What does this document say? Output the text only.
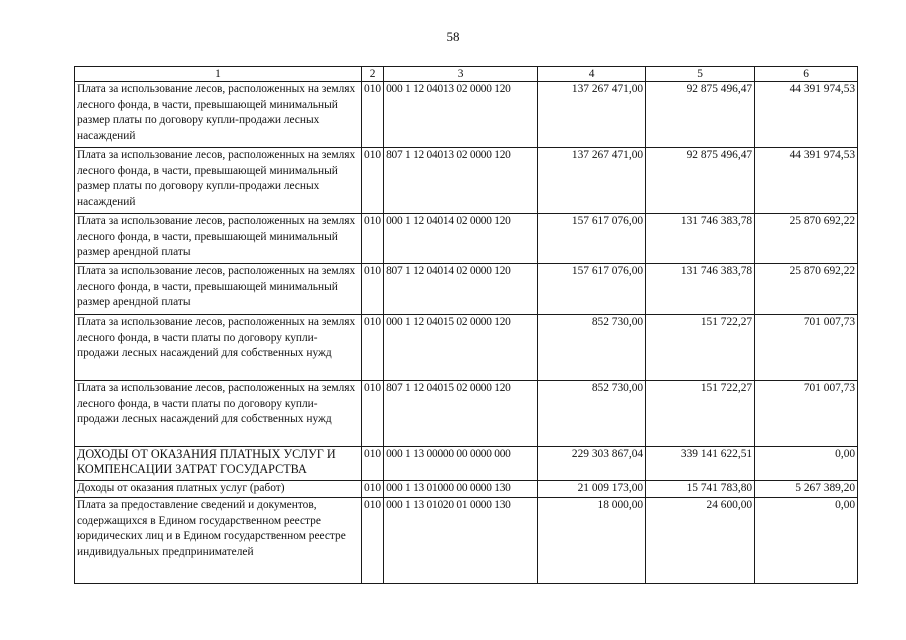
58
1	2	3	4	5	6
Плата за использование лесов, расположенных на землях лесного фонда, в части, превышающей минимальный размер платы по договору купли-продажи лесных насаждений	010	000 1 12 04013 02 0000 120	137 267 471,00	92 875 496,47	44 391 974,53
Плата за использование лесов, расположенных на землях лесного фонда, в части, превышающей минимальный размер платы по договору купли-продажи лесных насаждений	010	807 1 12 04013 02 0000 120	137 267 471,00	92 875 496,47	44 391 974,53
Плата за использование лесов, расположенных на землях лесного фонда, в части, превышающей минимальный размер арендной платы	010	000 1 12 04014 02 0000 120	157 617 076,00	131 746 383,78	25 870 692,22
Плата за использование лесов, расположенных на землях лесного фонда, в части, превышающей минимальный размер арендной платы	010	807 1 12 04014 02 0000 120	157 617 076,00	131 746 383,78	25 870 692,22
Плата за использование лесов, расположенных на землях лесного фонда, в части платы по договору купли-продажи лесных насаждений для собственных нужд	010	000 1 12 04015 02 0000 120	852 730,00	151 722,27	701 007,73
Плата за использование лесов, расположенных на землях лесного фонда, в части платы по договору купли-продажи лесных насаждений для собственных нужд	010	807 1 12 04015 02 0000 120	852 730,00	151 722,27	701 007,73
ДОХОДЫ ОТ ОКАЗАНИЯ ПЛАТНЫХ УСЛУГ И КОМПЕНСАЦИИ ЗАТРАТ ГОСУДАРСТВА	010	000 1 13 00000 00 0000 000	229 303 867,04	339 141 622,51	0,00
Доходы от оказания платных услуг (работ)	010	000 1 13 01000 00 0000 130	21 009 173,00	15 741 783,80	5 267 389,20
Плата за предоставление сведений и документов, содержащихся в Едином государственном реестре юридических лиц и в Едином государственном реестре индивидуальных предпринимателей	010	000 1 13 01020 01 0000 130	18 000,00	24 600,00	0,00
